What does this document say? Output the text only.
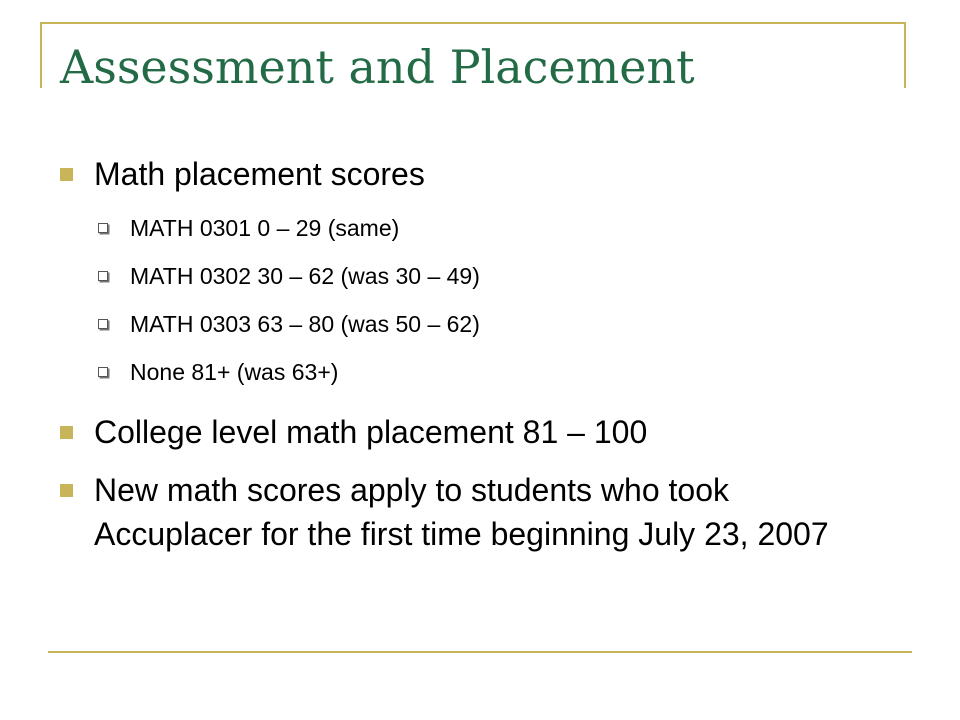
Assessment and Placement
Math placement scores
MATH 0301 0 – 29 (same)
MATH 0302 30 – 62 (was 30 – 49)
MATH 0303 63 – 80 (was 50 – 62)
None 81+ (was 63+)
College level math placement 81 – 100
New math scores apply to students who took Accuplacer for the first time beginning July 23, 2007
